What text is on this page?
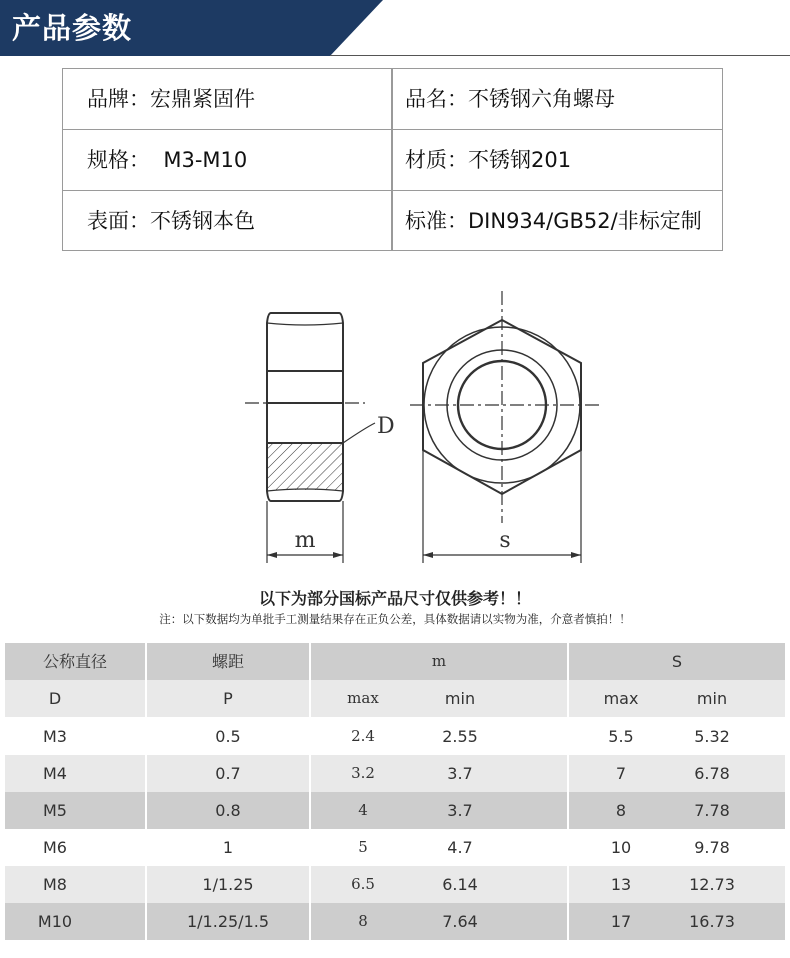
产品参数
品牌：宏鼎紧固件	品名：不锈钢六角螺母
规格：  M3-M10	材质：不锈钢201
表面：不锈钢本色	标准：DIN934/GB52/非标定制
D
m	s
以下为部分国标产品尺寸仅供参考！！
注：以下数据均为单批手工测量结果存在正负公差，具体数据请以实物为准，介意者慎拍！！
公称直径	螺距	m	S
D	P	max	min	max	min
M3	0.5	2.4	2.55	5.5	5.32
M4	0.7	3.2	3.7	7	6.78
M5	0.8	4	3.7	8	7.78
M6	1	5	4.7	10	9.78
M8	1/1.25	6.5	6.14	13	12.73
M10	1/1.25/1.5	8	7.64	17	16.73
